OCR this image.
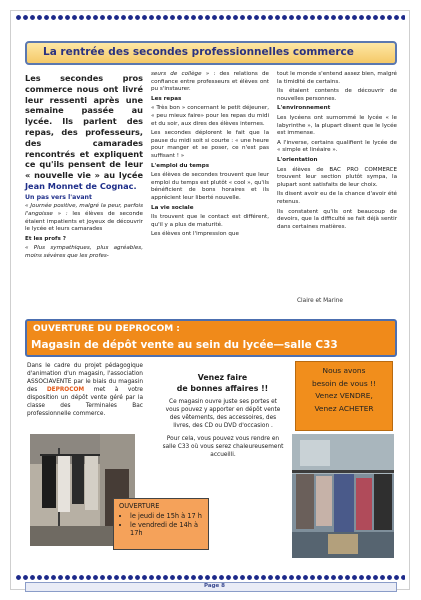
La rentrée des secondes professionnelles commerce

Les secondes pros commerce nous ont livré leur ressenti après une semaine passée au lycée. Ils parlent des repas, des professeurs, des camarades rencontrés et expliquent ce qu'ils pensent de leur « nouvelle vie » au lycée Jean Monnet de Cognac.

Un pas vers l'avant

« Journée positive, malgré la peur, parfois l'angoisse » : les élèves de seconde étaient impatients et joyeux de découvrir le lycée et leurs camarades

Et les profs ?

« Plus sympathiques, plus agréables, moins sévères que les profes-

seurs de collège » : des relations de confiance entre professeurs et élèves ont pu s'instaurer.

Les repas

« Très bon » concernant le petit déjeuner, « peu mieux faire» pour les repas du midi et du soir, aux dires des élèves internes.

Les secondes déplorent le fait que la pause du midi soit si courte : « une heure pour manger et se poser, ce n'est pas suffisant ! »

L'emploi du temps

Les élèves de secondes trouvent que leur emploi du temps est plutôt « cool », qu'ils bénéficient de bons horaires et ils apprécient leur liberté nouvelle.

La vie sociale

Ils trouvent que le contact est différent, qu'il y a plus de maturité.

Les élèves ont l'impression que

tout le monde s'entend assez bien, malgré la timidité de certains.

Ils étaient contents de découvrir de nouvelles personnes.

L'environnement

Les lycéens ont surnommé le lycée « le labyrinthe », la plupart disent que le lycée est immense.

A l'inverse, certains qualifient le lycée de « simple et linéaire ».

L'orientation

Les élèves de BAC PRO COMMERCE trouvent leur section plutôt sympa, la plupart sont satisfaits de leur choix.

Ils disent avoir eu de la chance d'avoir été retenus.

Ils constatent qu'ils ont beaucoup de devoirs, que la difficulté se fait déjà sentir dans certaines matières.

Claire et Marine
OUVERTURE DU DEPROCOM :
Magasin de dépôt vente au sein du lycée—salle C33

Dans le cadre du projet pédagogique d'animation d'un magasin, l'association ASSOCIAVENTE par le biais du magasin des DEPROCOM met à votre disposition un dépôt vente géré par la classe des Terminales Bac professionnelle commerce.

OUVERTURE
• le jeudi de 15h à 17 h
• le vendredi de 14h à 17h
Venez faire
de bonnes affaires !!

Ce magasin ouvre juste ses portes et vous pouvez y apporter en dépôt vente des vêtements, des accessoires, des livres, des CD ou DVD d'occasion .

Pour cela, vous pouvez vous rendre en salle C33 où vous serez chaleureusement accueilli.

Nous avons
besoin de vous !!
Venez VENDRE,
Venez ACHETER
Page 8
